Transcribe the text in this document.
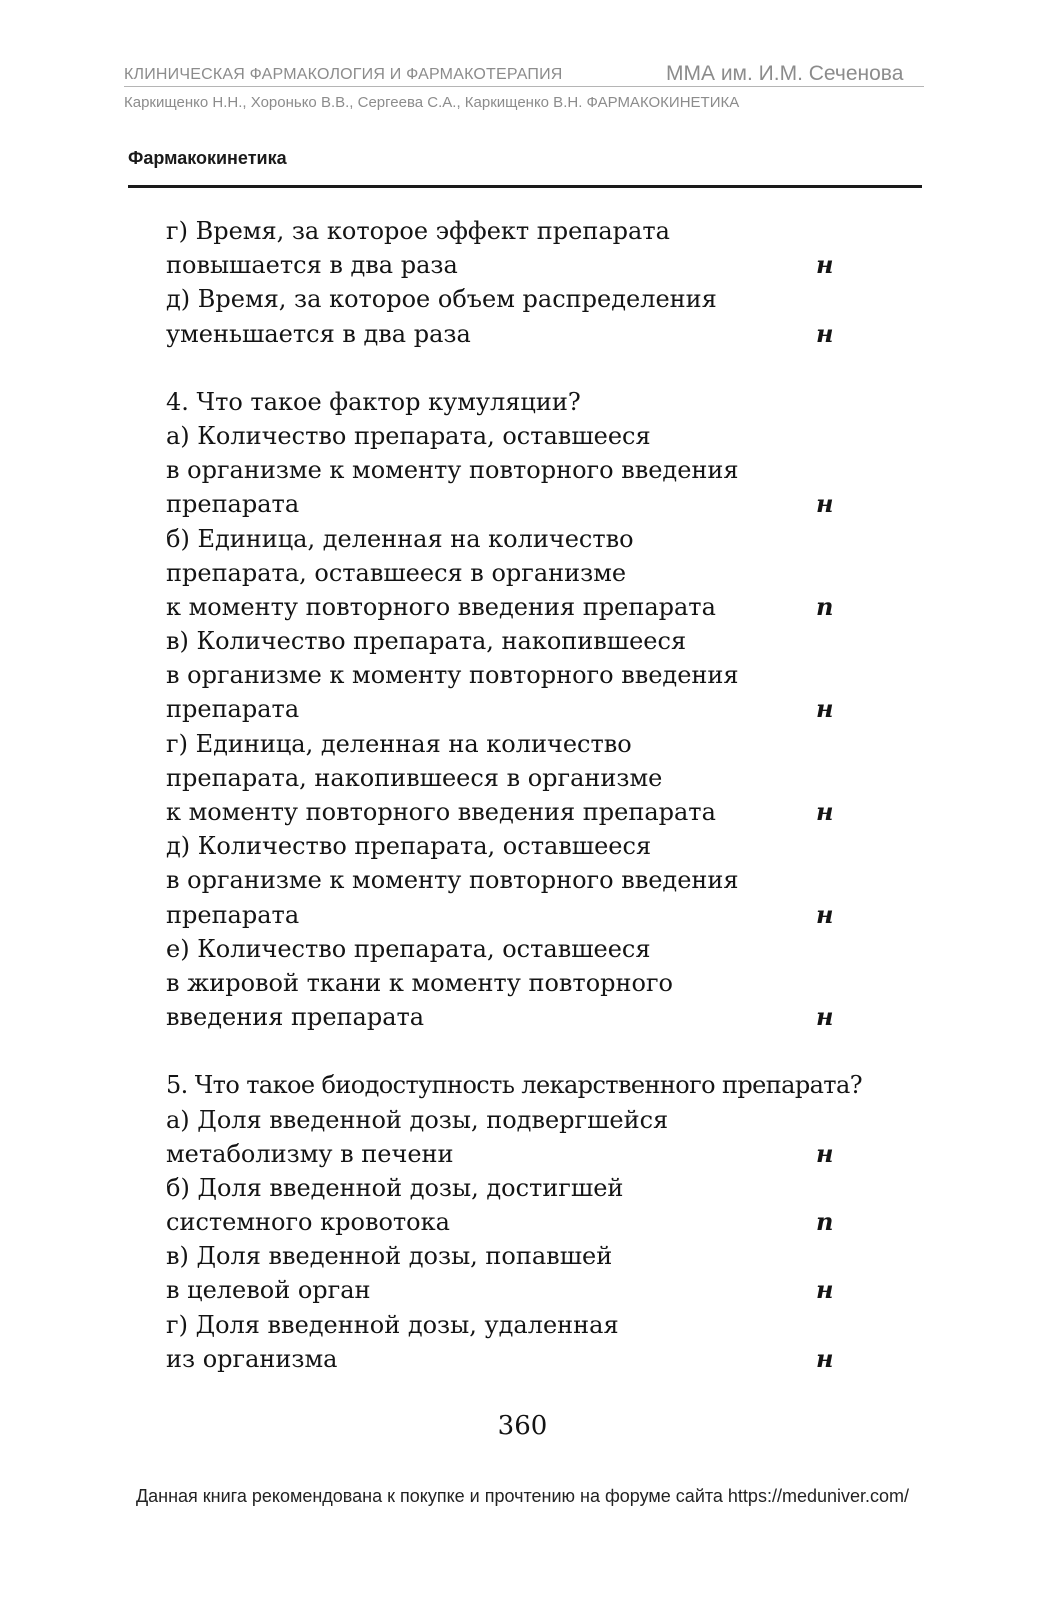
КЛИНИЧЕСКАЯ ФАРМАКОЛОГИЯ И ФАРМАКОТЕРАПИЯ	ММА им. И.М. Сеченова
Каркищенко Н.Н., Хоронько В.В., Сергеева С.А., Каркищенко В.Н. ФАРМАКОКИНЕТИКА
Фармакокинетика
г) Время, за которое эффект препарата
повышается в два раза	н
д) Время, за которое объем распределения
уменьшается в два раза	н
4. Что такое фактор кумуляции?
а) Количество препарата, оставшееся
в организме к моменту повторного введения
препарата	н
б) Единица, деленная на количество
препарата, оставшееся в организме
к моменту повторного введения препарата	п
в) Количество препарата, накопившееся
в организме к моменту повторного введения
препарата	н
г) Единица, деленная на количество
препарата, накопившееся в организме
к моменту повторного введения препарата	н
д) Количество препарата, оставшееся
в организме к моменту повторного введения
препарата	н
е) Количество препарата, оставшееся
в жировой ткани к моменту повторного
введения препарата	н
5. Что такое биодоступность лекарственного препарата?
а) Доля введенной дозы, подвергшейся
метаболизму в печени	н
б) Доля введенной дозы, достигшей
системного кровотока	п
в) Доля введенной дозы, попавшей
в целевой орган	н
г) Доля введенной дозы, удаленная
из организма	н
360
Данная книга рекомендована к покупке и прочтению на форуме сайта https://meduniver.com/
